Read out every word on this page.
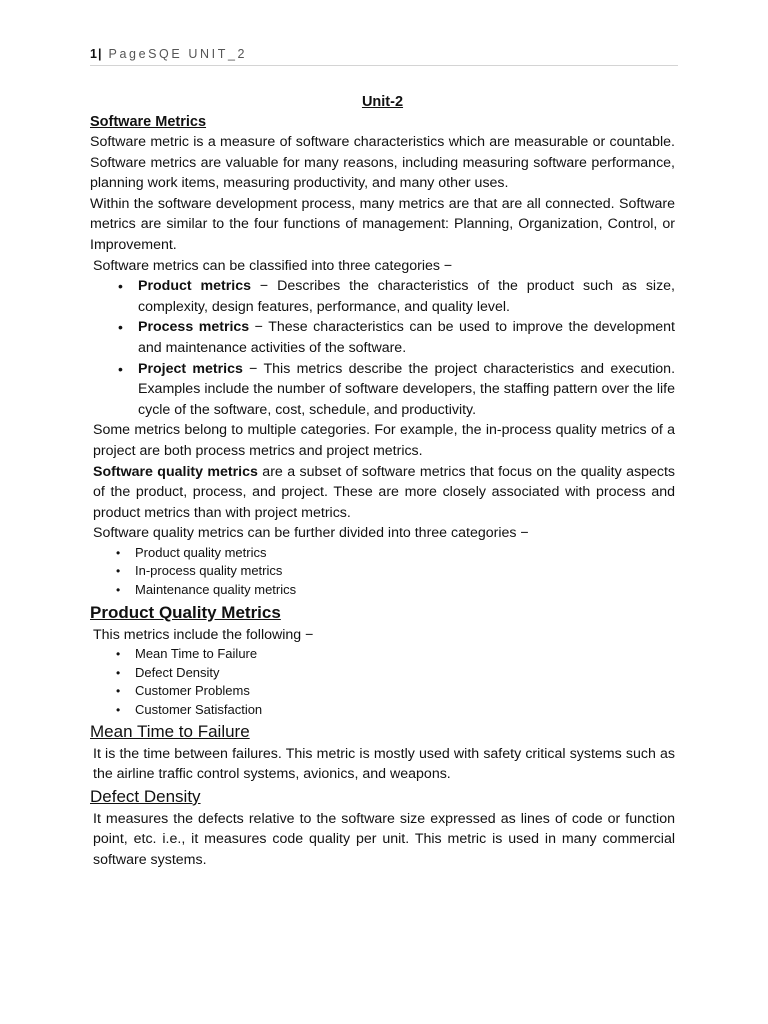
1| PageSQE UNIT_2
Unit-2
Software Metrics

Software metric is a measure of software characteristics which are measurable or countable. Software metrics are valuable for many reasons, including measuring software performance, planning work items, measuring productivity, and many other uses.

Within the software development process, many metrics are that are all connected. Software metrics are similar to the four functions of management: Planning, Organization, Control, or Improvement.

Software metrics can be classified into three categories −

• Product metrics − Describes the characteristics of the product such as size, complexity, design features, performance, and quality level.
• Process metrics − These characteristics can be used to improve the development and maintenance activities of the software.
• Project metrics − This metrics describe the project characteristics and execution. Examples include the number of software developers, the staffing pattern over the life cycle of the software, cost, schedule, and productivity.

Some metrics belong to multiple categories. For example, the in-process quality metrics of a project are both process metrics and project metrics.

Software quality metrics are a subset of software metrics that focus on the quality aspects of the product, process, and project. These are more closely associated with process and product metrics than with project metrics.

Software quality metrics can be further divided into three categories −

• Product quality metrics
• In-process quality metrics
• Maintenance quality metrics
Product Quality Metrics

This metrics include the following −

• Mean Time to Failure
• Defect Density
• Customer Problems
• Customer Satisfaction
Mean Time to Failure

It is the time between failures. This metric is mostly used with safety critical systems such as the airline traffic control systems, avionics, and weapons.

Defect Density

It measures the defects relative to the software size expressed as lines of code or function point, etc. i.e., it measures code quality per unit. This metric is used in many commercial software systems.
